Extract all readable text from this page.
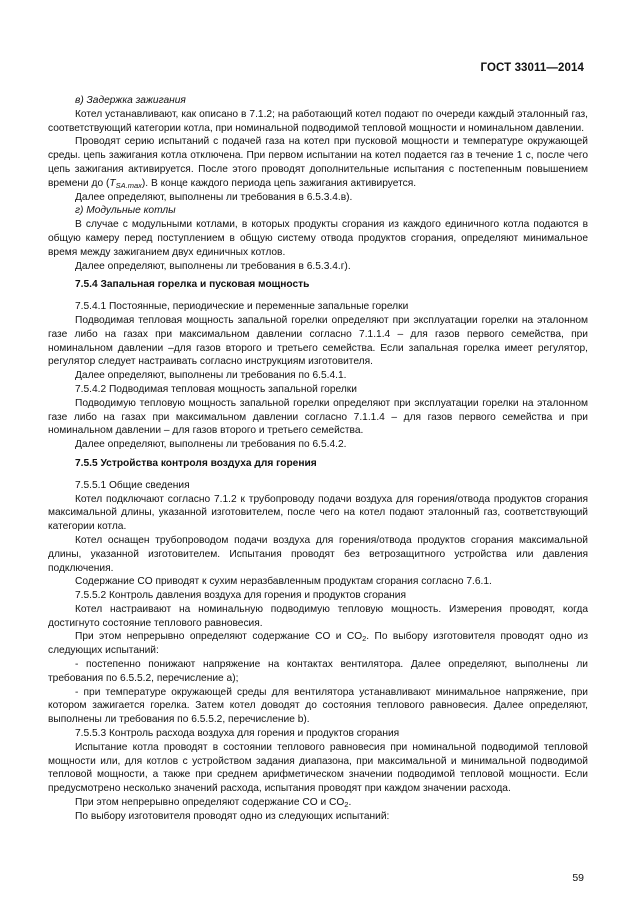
ГОСТ 33011—2014

в) Задержка зажигания

Котел устанавливают, как описано в 7.1.2; на работающий котел подают по очереди каждый эталонный газ, соответствующий категории котла, при номинальной подводимой тепловой мощности и номинальном давлении.

Проводят серию испытаний с подачей газа на котел при пусковой мощности и температуре окружающей среды. цепь зажигания котла отключена. При первом испытании на котел подается газ в течение 1 с, после чего цепь зажигания активируется. После этого проводят дополнительные испытания с постепенным повышением времени до $(T_{SA.max})$. В конце каждого периода цепь зажигания активируется.

Далее определяют, выполнены ли требования в 6.5.3.4.в).

г) Модульные котлы

В случае с модульными котлами, в которых продукты сгорания из каждого единичного котла подаются в общую камеру перед поступлением в общую систему отвода продуктов сгорания, определяют минимальное время между зажиганием двух единичных котлов.

Далее определяют, выполнены ли требования в 6.5.3.4.г).

7.5.4 Запальная горелка и пусковая мощность

7.5.4.1 Постоянные, периодические и переменные запальные горелки

Подводимая тепловая мощность запальной горелки определяют при эксплуатации горелки на эталонном газе либо на газах при максимальном давлении согласно 7.1.1.4 – для газов первого семейства, при номинальном давлении –для газов второго и третьего семейства. Если запальная горелка имеет регулятор, регулятор следует настраивать согласно инструкциям изготовителя.

Далее определяют, выполнены ли требования по 6.5.4.1.

7.5.4.2 Подводимая тепловая мощность запальной горелки

Подводимую тепловую мощность запальной горелки определяют при эксплуатации горелки на эталонном газе либо на газах при максимальном давлении согласно 7.1.1.4 – для газов первого семейства и при номинальном давлении – для газов второго и третьего семейства.

Далее определяют, выполнены ли требования по 6.5.4.2.

7.5.5 Устройства контроля воздуха для горения

7.5.5.1 Общие сведения

Котел подключают согласно 7.1.2 к трубопроводу подачи воздуха для горения/отвода продуктов сгорания максимальной длины, указанной изготовителем, после чего на котел подают эталонный газ, соответствующий категории котла.

Котел оснащен трубопроводом подачи воздуха для горения/отвода продуктов сгорания максимальной длины, указанной изготовителем. Испытания проводят без ветрозащитного устройства или давления подключения.

Содержание CO приводят к сухим неразбавленным продуктам сгорания согласно 7.6.1.

7.5.5.2 Контроль давления воздуха для горения и продуктов сгорания

Котел настраивают на номинальную подводимую тепловую мощность. Измерения проводят, когда достигнуто состояние теплового равновесия.

При этом непрерывно определяют содержание CO и $CO_2$. По выбору изготовителя проводят одно из следующих испытаний:

- постепенно понижают напряжение на контактах вентилятора. Далее определяют, выполнены ли требования по 6.5.5.2, перечисление а);

- при температуре окружающей среды для вентилятора устанавливают минимальное напряжение, при котором зажигается горелка. Затем котел доводят до состояния теплового равновесия. Далее определяют, выполнены ли требования по 6.5.5.2, перечисление b).

7.5.5.3 Контроль расхода воздуха для горения и продуктов сгорания

Испытание котла проводят в состоянии теплового равновесия при номинальной подводимой тепловой мощности или, для котлов с устройством задания диапазона, при максимальной и минимальной подводимой тепловой мощности, а также при среднем арифметическом значении подводимой тепловой мощности. Если предусмотрено несколько значений расхода, испытания проводят при каждом значении расхода.

При этом непрерывно определяют содержание CO и $CO_2$.

По выбору изготовителя проводят одно из следующих испытаний:

59
